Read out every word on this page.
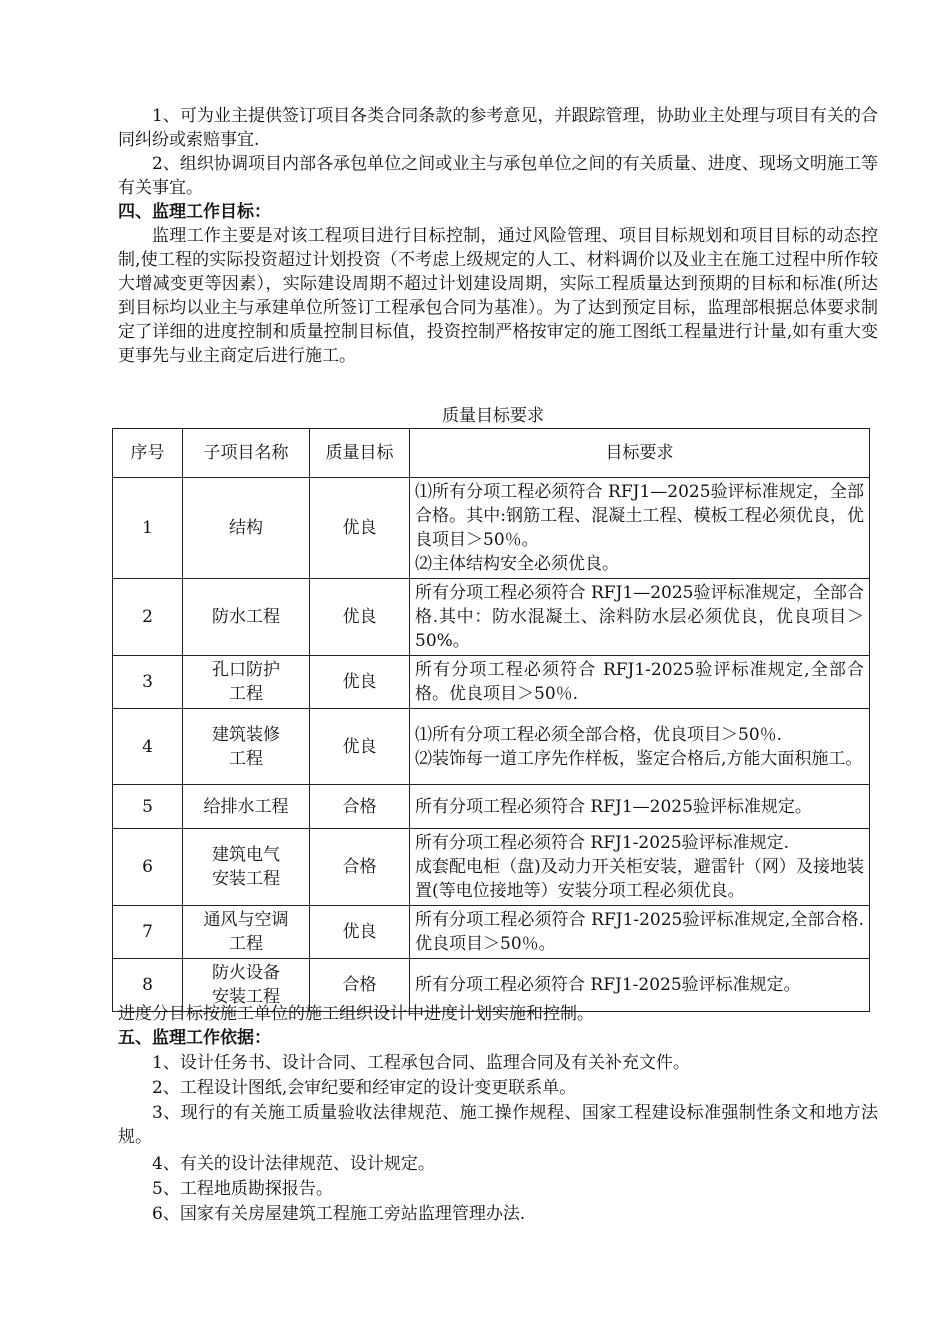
1、可为业主提供签订项目各类合同条款的参考意见，并跟踪管理，协助业主处理与项目有关的合同纠纷或索赔事宜.

2、组织协调项目内部各承包单位之间或业主与承包单位之间的有关质量、进度、现场文明施工等有关事宜。

四、监理工作目标：

监理工作主要是对该工程项目进行目标控制，通过风险管理、项目目标规划和项目目标的动态控制,使工程的实际投资超过计划投资（不考虑上级规定的人工、材料调价以及业主在施工过程中所作较大增减变更等因素），实际建设周期不超过计划建设周期，实际工程质量达到预期的目标和标准(所达到目标均以业主与承建单位所签订工程承包合同为基准）。为了达到预定目标，监理部根据总体要求制定了详细的进度控制和质量控制目标值，投资控制严格按审定的施工图纸工程量进行计量,如有重大变更事先与业主商定后进行施工。

质量目标要求
序号	子项目名称	质量目标	目标要求
1	结构	优良	⑴所有分项工程必须符合 RFJ1—2025验评标准规定，全部合格。其中:钢筋工程、混凝土工程、模板工程必须优良，优良项目＞50％。
⑵主体结构安全必须优良。

2	防水工程	优良	所有分项工程必须符合 RFJ1—2025验评标准规定，全部合格.其中：防水混凝土、涂料防水层必须优良，优良项目＞50%。

3	孔口防护
工程	优良	所有分项工程必须符合 RFJ1-2025验评标准规定,全部合格。优良项目＞50％.

4	建筑装修
工程	优良	⑴所有分项工程必须全部合格，优良项目＞50％.
⑵装饰每一道工序先作样板，鉴定合格后,方能大面积施工。

5	给排水工程	合格	所有分项工程必须符合 RFJ1—2025验评标准规定。

6	建筑电气
安装工程	合格	所有分项工程必须符合 RFJ1-2025验评标准规定.
成套配电柜（盘)及动力开关柜安装，避雷针（网）及接地装置(等电位接地等）安装分项工程必须优良。

7	通风与空调
工程	优良	所有分项工程必须符合 RFJ1-2025验评标准规定,全部合格.优良项目＞50％。

8	防火设备
安装工程	合格	所有分项工程必须符合 RFJ1-2025验评标准规定。

进度分目标按施工单位的施工组织设计中进度计划实施和控制。

五、监理工作依据：

1、设计任务书、设计合同、工程承包合同、监理合同及有关补充文件。

2、工程设计图纸,会审纪要和经审定的设计变更联系单。

3、现行的有关施工质量验收法律规范、施工操作规程、国家工程建设标准强制性条文和地方法规。

4、有关的设计法律规范、设计规定。

5、工程地质勘探报告。

6、国家有关房屋建筑工程施工旁站监理管理办法.
